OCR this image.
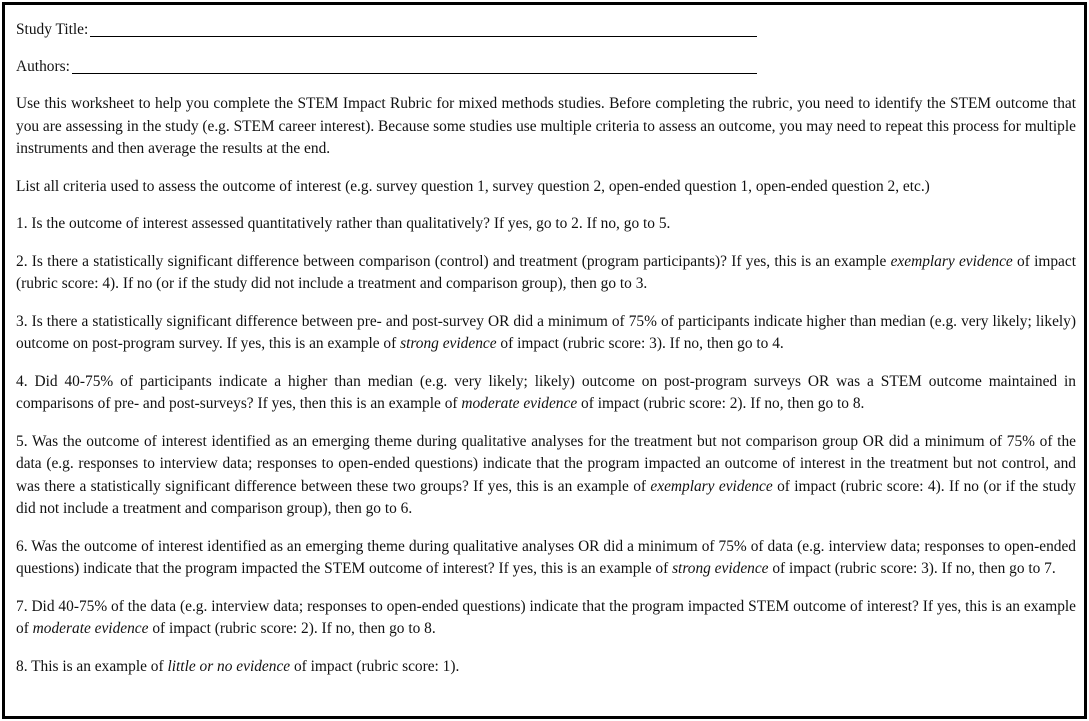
Study Title:
Authors:

Use this worksheet to help you complete the STEM Impact Rubric for mixed methods studies. Before completing the rubric, you need to identify the STEM outcome that you are assessing in the study (e.g. STEM career interest). Because some studies use multiple criteria to assess an outcome, you may need to repeat this process for multiple instruments and then average the results at the end.

List all criteria used to assess the outcome of interest (e.g. survey question 1, survey question 2, open-ended question 1, open-ended question 2, etc.)

1. Is the outcome of interest assessed quantitatively rather than qualitatively? If yes, go to 2. If no, go to 5.

2. Is there a statistically significant difference between comparison (control) and treatment (program participants)? If yes, this is an example exemplary evidence of impact (rubric score: 4). If no (or if the study did not include a treatment and comparison group), then go to 3.

3. Is there a statistically significant difference between pre- and post-survey OR did a minimum of 75% of participants indicate higher than median (e.g. very likely; likely) outcome on post-program survey. If yes, this is an example of strong evidence of impact (rubric score: 3). If no, then go to 4.

4. Did 40-75% of participants indicate a higher than median (e.g. very likely; likely) outcome on post-program surveys OR was a STEM outcome maintained in comparisons of pre- and post-surveys? If yes, then this is an example of moderate evidence of impact (rubric score: 2). If no, then go to 8.

5. Was the outcome of interest identified as an emerging theme during qualitative analyses for the treatment but not comparison group OR did a minimum of 75% of the data (e.g. responses to interview data; responses to open-ended questions) indicate that the program impacted an outcome of interest in the treatment but not control, and was there a statistically significant difference between these two groups? If yes, this is an example of exemplary evidence of impact (rubric score: 4). If no (or if the study did not include a treatment and comparison group), then go to 6.

6. Was the outcome of interest identified as an emerging theme during qualitative analyses OR did a minimum of 75% of data (e.g. interview data; responses to open-ended questions) indicate that the program impacted the STEM outcome of interest? If yes, this is an example of strong evidence of impact (rubric score: 3). If no, then go to 7.

7. Did 40-75% of the data (e.g. interview data; responses to open-ended questions) indicate that the program impacted STEM outcome of interest? If yes, this is an example of moderate evidence of impact (rubric score: 2). If no, then go to 8.

8. This is an example of little or no evidence of impact (rubric score: 1).
